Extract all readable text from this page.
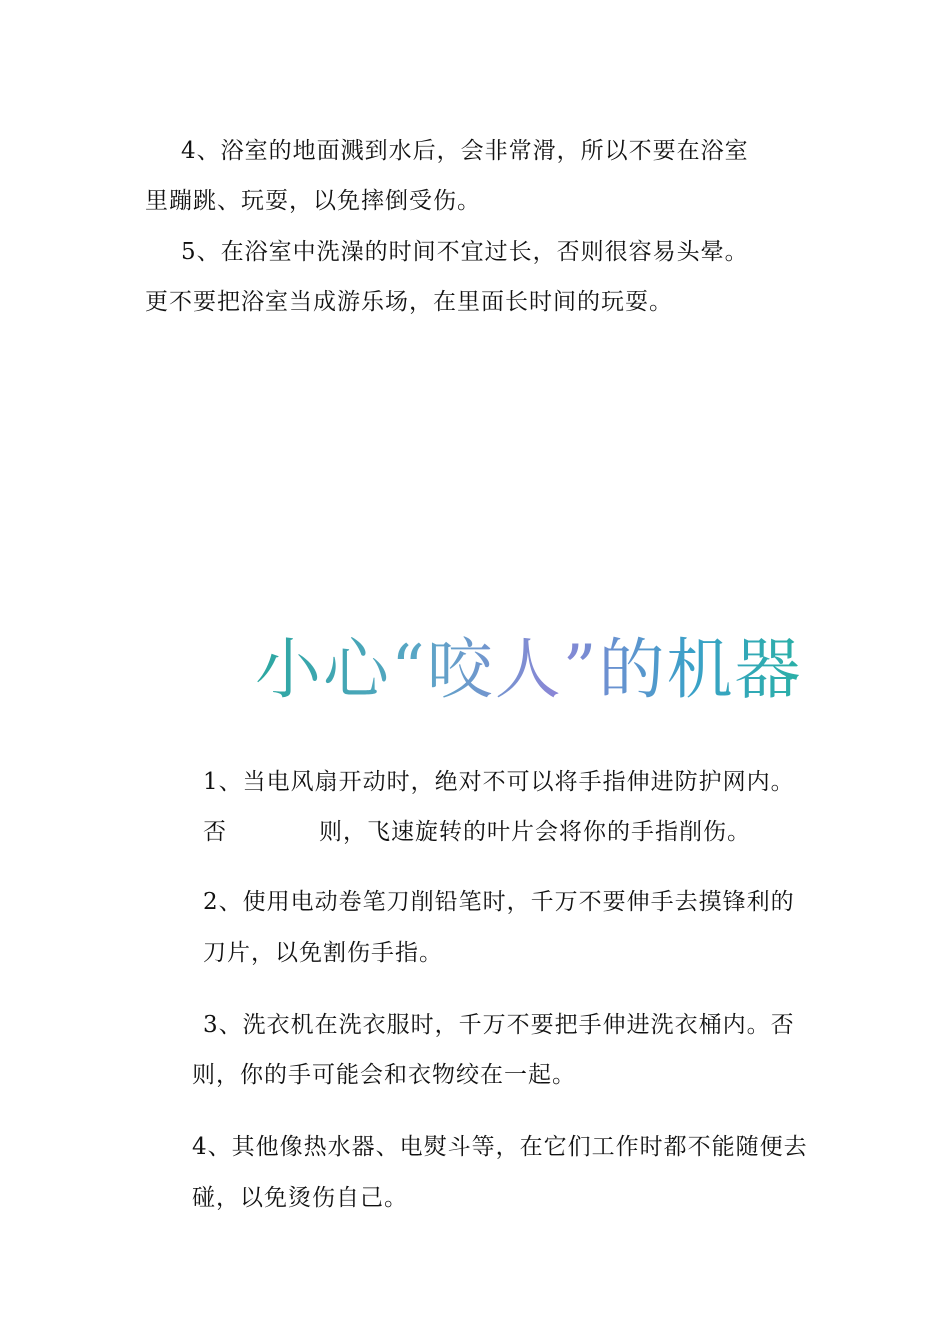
4、浴室的地面溅到水后，会非常滑，所以不要在浴室
里蹦跳、玩耍，以免摔倒受伤。
5、在浴室中洗澡的时间不宜过长，否则很容易头晕。
更不要把浴室当成游乐场，在里面长时间的玩耍。
小心“咬人”的机器
1、当电风扇开动时，绝对不可以将手指伸进防护网内。
否	则，飞速旋转的叶片会将你的手指削伤。
2、使用电动卷笔刀削铅笔时，千万不要伸手去摸锋利的
刀片，以免割伤手指。
3、洗衣机在洗衣服时，千万不要把手伸进洗衣桶内。否
则，你的手可能会和衣物绞在一起。
4、其他像热水器、电熨斗等，在它们工作时都不能随便去
碰，以免烫伤自己。
